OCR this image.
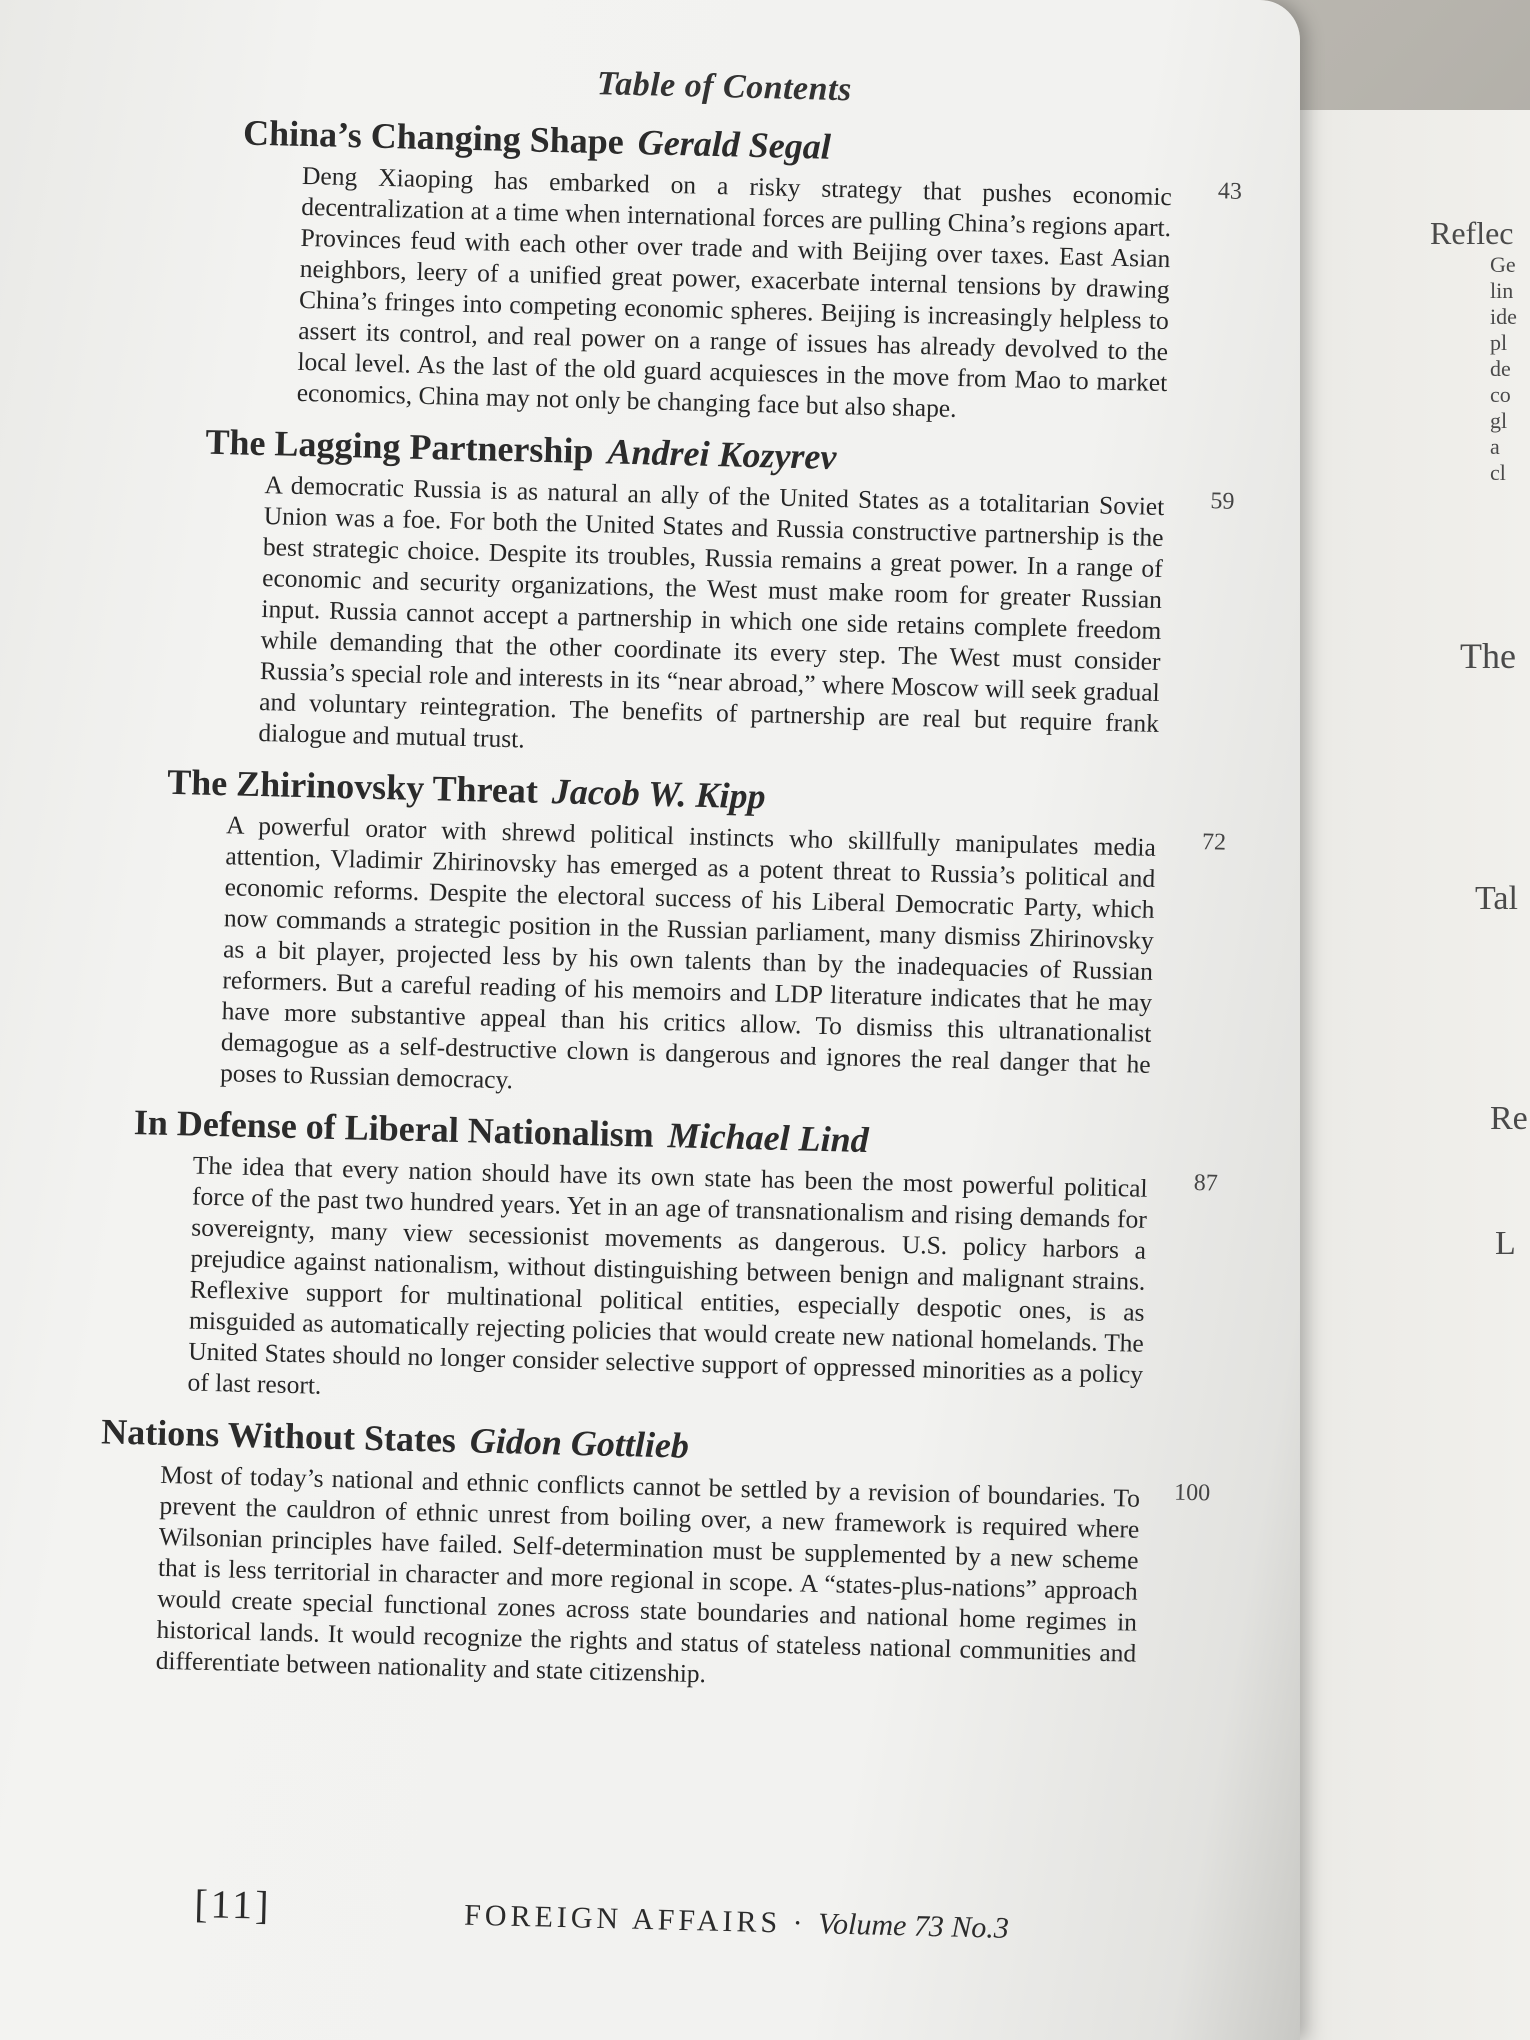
Reflec
Ge
lin
ide
pl
de
co
gl
a
cl
The
Tal
Re
L
Table of Contents
China’s Changing Shape Gerald Segal
43

Deng Xiaoping has embarked on a risky strategy that pushes economic decentralization at a time when international forces are pulling China’s regions apart. Provinces feud with each other over trade and with Beijing over taxes. East Asian neighbors, leery of a unified great power, exacerbate internal tensions by drawing China’s fringes into competing economic spheres. Beijing is increasingly helpless to assert its control, and real power on a range of issues has already devolved to the local level. As the last of the old guard acquiesces in the move from Mao to market economics, China may not only be changing face but also shape.

The Lagging Partnership Andrei Kozyrev
59

A democratic Russia is as natural an ally of the United States as a totalitarian Soviet Union was a foe. For both the United States and Russia constructive partnership is the best strategic choice. Despite its troubles, Russia remains a great power. In a range of economic and security organizations, the West must make room for greater Russian input. Russia cannot accept a partnership in which one side retains complete freedom while demanding that the other coordinate its every step. The West must consider Russia’s special role and interests in its “near abroad,” where Moscow will seek gradual and voluntary reintegration. The benefits of partnership are real but require frank dialogue and mutual trust.

The Zhirinovsky Threat Jacob W. Kipp
72

A powerful orator with shrewd political instincts who skillfully manipulates media attention, Vladimir Zhirinovsky has emerged as a potent threat to Russia’s political and economic reforms. Despite the electoral success of his Liberal Democratic Party, which now commands a strategic position in the Russian parliament, many dismiss Zhirinovsky as a bit player, projected less by his own talents than by the inadequacies of Russian reformers. But a careful reading of his memoirs and LDP literature indicates that he may have more substantive appeal than his critics allow. To dismiss this ultranationalist demagogue as a self-destructive clown is dangerous and ignores the real danger that he poses to Russian democracy.

In Defense of Liberal Nationalism Michael Lind
87

The idea that every nation should have its own state has been the most powerful political force of the past two hundred years. Yet in an age of transnationalism and rising demands for sovereignty, many view secessionist movements as dangerous. U.S. policy harbors a prejudice against nationalism, without distinguishing between benign and malignant strains. Reflexive support for multinational political entities, especially despotic ones, is as misguided as automatically rejecting policies that would create new national homelands. The United States should no longer consider selective support of oppressed minorities as a policy of last resort.

Nations Without States Gidon Gottlieb
100

Most of today’s national and ethnic conflicts cannot be settled by a revision of boundaries. To prevent the cauldron of ethnic unrest from boiling over, a new framework is required where Wilsonian principles have failed. Self-determination must be supplemented by a new scheme that is less territorial in character and more regional in scope. A “states-plus-nations” approach would create special functional zones across state boundaries and national home regimes in historical lands. It would recognize the rights and status of stateless national communities and differentiate between nationality and state citizenship.

[11]	FOREIGN AFFAIRS · Volume 73 No.3
